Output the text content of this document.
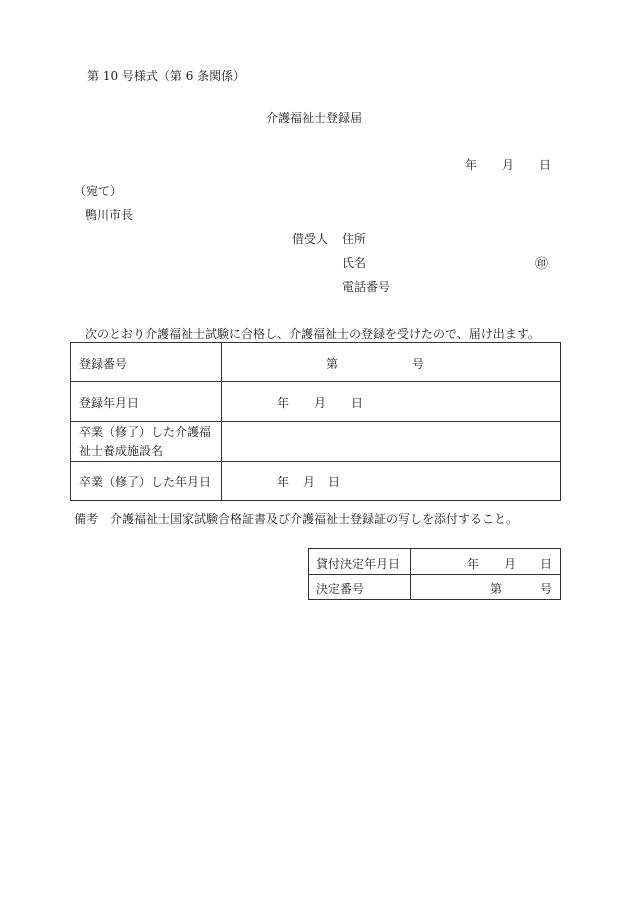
第 10 号様式（第 6 条関係）
介護福祉士登録届
年 月 日
（宛て）
鴨川市長
借受人 住所
氏名	㊞
電話番号
次のとおり介護福祉士試験に合格し、介護福祉士の登録を受けたので、届け出ます。
登録番号	第	号
登録年月日	年 月 日
卒業（修了）した介護福祉士養成施設名
卒業（修了）した年月日	年 月 日
備考　介護福祉士国家試験合格証書及び介護福祉士登録証の写しを添付すること。
貸付決定年月日	年 月 日
決定番号	第	号
